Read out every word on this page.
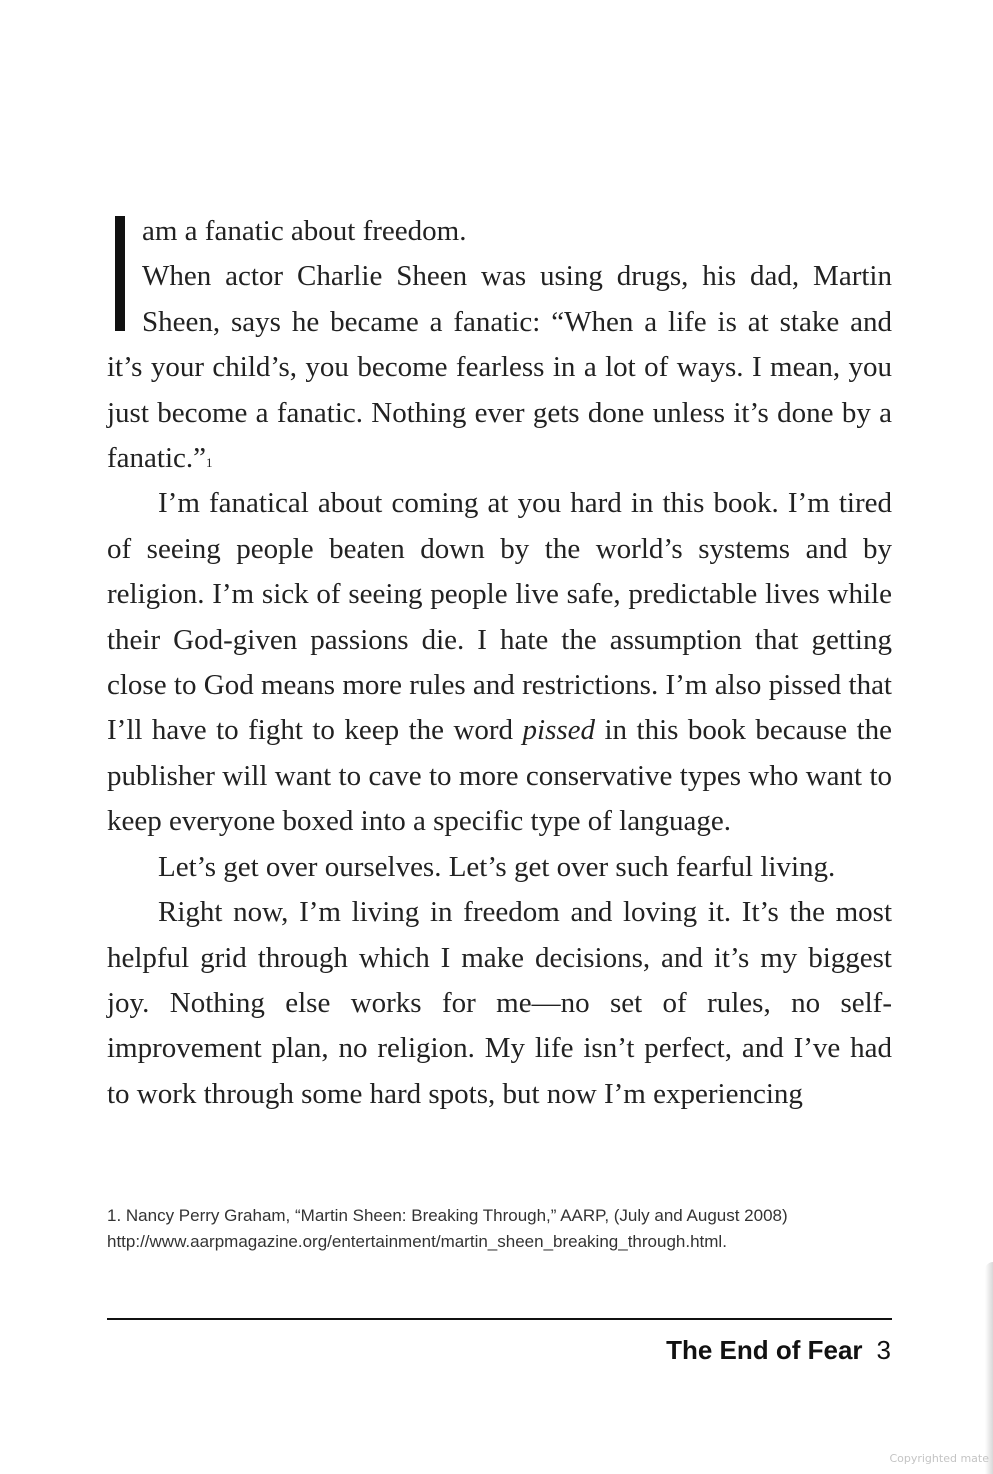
am a fanatic about freedom.
When actor Charlie Sheen was using drugs, his dad, Martin
Sheen, says he became a fanatic: “When a life is at stake and

it’s your child’s, you become fearless in a lot of ways. I mean, you just become a fanatic. Nothing ever gets done unless it’s done by a fanatic.”$^1$

I’m fanatical about coming at you hard in this book. I’m tired of seeing people beaten down by the world’s systems and by religion. I’m sick of seeing people live safe, predictable lives while their God-given passions die. I hate the assumption that getting close to God means more rules and restrictions. I’m also pissed that I’ll have to fight to keep the word pissed in this book because the publisher will want to cave to more conservative types who want to keep everyone boxed into a specific type of language.

Let’s get over ourselves. Let’s get over such fearful living.

Right now, I’m living in freedom and loving it. It’s the most helpful grid through which I make decisions, and it’s my biggest joy. Nothing else works for me—no set of rules, no self-improvement plan, no religion. My life isn’t perfect, and I’ve had to work through some hard spots, but now I’m experiencing

1. Nancy Perry Graham, “Martin Sheen: Breaking Through,” AARP, (July and August 2008)

http://www.aarpmagazine.org/entertainment/martin_sheen_breaking_through.html.

The End of Fear 3
Copyrighted mate
